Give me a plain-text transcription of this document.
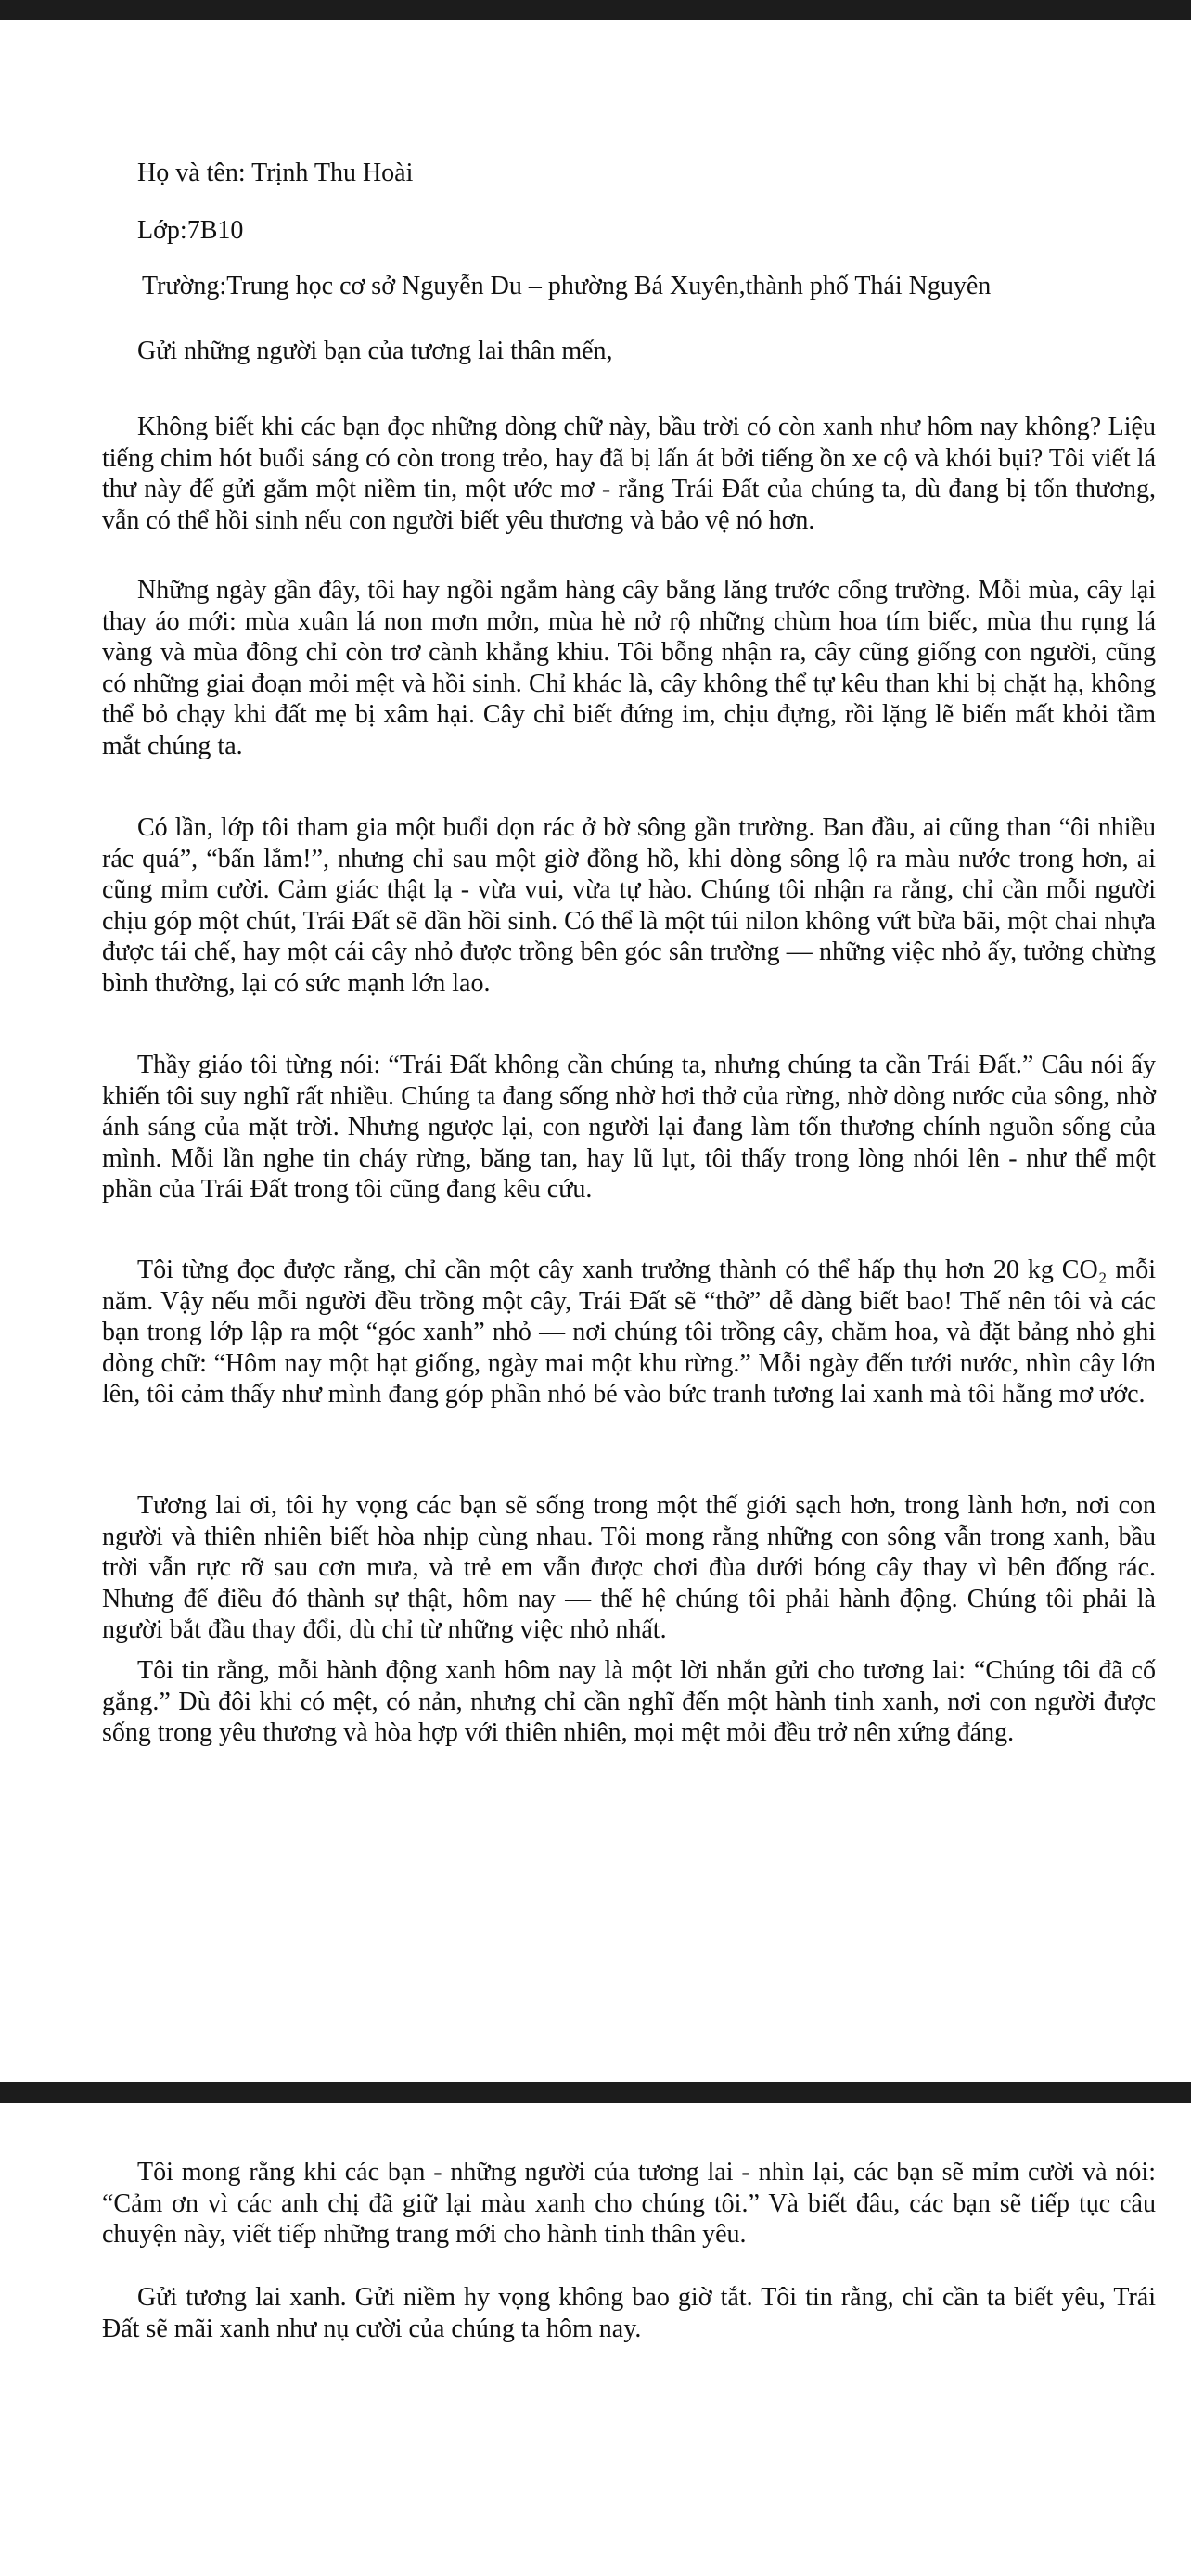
Họ và tên: Trịnh Thu Hoài
Lớp:7B10
Trường:Trung học cơ sở Nguyễn Du – phường Bá Xuyên,thành phố Thái Nguyên
Gửi những người bạn của tương lai thân mến,

Không biết khi các bạn đọc những dòng chữ này, bầu trời có còn xanh như hôm nay không? Liệu tiếng chim hót buổi sáng có còn trong trẻo, hay đã bị lấn át bởi tiếng ồn xe cộ và khói bụi? Tôi viết lá thư này để gửi gắm một niềm tin, một ước mơ - rằng Trái Đất của chúng ta, dù đang bị tổn thương, vẫn có thể hồi sinh nếu con người biết yêu thương và bảo vệ nó hơn.

Những ngày gần đây, tôi hay ngồi ngắm hàng cây bằng lăng trước cổng trường. Mỗi mùa, cây lại thay áo mới: mùa xuân lá non mơn mởn, mùa hè nở rộ những chùm hoa tím biếc, mùa thu rụng lá vàng và mùa đông chỉ còn trơ cành khẳng khiu. Tôi bỗng nhận ra, cây cũng giống con người, cũng có những giai đoạn mỏi mệt và hồi sinh. Chỉ khác là, cây không thể tự kêu than khi bị chặt hạ, không thể bỏ chạy khi đất mẹ bị xâm hại. Cây chỉ biết đứng im, chịu đựng, rồi lặng lẽ biến mất khỏi tầm mắt chúng ta.

Có lần, lớp tôi tham gia một buổi dọn rác ở bờ sông gần trường. Ban đầu, ai cũng than “ôi nhiều rác quá”, “bẩn lắm!”, nhưng chỉ sau một giờ đồng hồ, khi dòng sông lộ ra màu nước trong hơn, ai cũng mỉm cười. Cảm giác thật lạ - vừa vui, vừa tự hào. Chúng tôi nhận ra rằng, chỉ cần mỗi người chịu góp một chút, Trái Đất sẽ dần hồi sinh. Có thể là một túi nilon không vứt bừa bãi, một chai nhựa được tái chế, hay một cái cây nhỏ được trồng bên góc sân trường — những việc nhỏ ấy, tưởng chừng bình thường, lại có sức mạnh lớn lao.

Thầy giáo tôi từng nói: “Trái Đất không cần chúng ta, nhưng chúng ta cần Trái Đất.” Câu nói ấy khiến tôi suy nghĩ rất nhiều. Chúng ta đang sống nhờ hơi thở của rừng, nhờ dòng nước của sông, nhờ ánh sáng của mặt trời. Nhưng ngược lại, con người lại đang làm tổn thương chính nguồn sống của mình. Mỗi lần nghe tin cháy rừng, băng tan, hay lũ lụt, tôi thấy trong lòng nhói lên - như thể một phần của Trái Đất trong tôi cũng đang kêu cứu.

Tôi từng đọc được rằng, chỉ cần một cây xanh trưởng thành có thể hấp thụ hơn 20 kg CO₂ mỗi năm. Vậy nếu mỗi người đều trồng một cây, Trái Đất sẽ “thở” dễ dàng biết bao! Thế nên tôi và các bạn trong lớp lập ra một “góc xanh” nhỏ — nơi chúng tôi trồng cây, chăm hoa, và đặt bảng nhỏ ghi dòng chữ: “Hôm nay một hạt giống, ngày mai một khu rừng.” Mỗi ngày đến tưới nước, nhìn cây lớn lên, tôi cảm thấy như mình đang góp phần nhỏ bé vào bức tranh tương lai xanh mà tôi hằng mơ ước.

Tương lai ơi, tôi hy vọng các bạn sẽ sống trong một thế giới sạch hơn, trong lành hơn, nơi con người và thiên nhiên biết hòa nhịp cùng nhau. Tôi mong rằng những con sông vẫn trong xanh, bầu trời vẫn rực rỡ sau cơn mưa, và trẻ em vẫn được chơi đùa dưới bóng cây thay vì bên đống rác. Nhưng để điều đó thành sự thật, hôm nay — thế hệ chúng tôi phải hành động. Chúng tôi phải là người bắt đầu thay đổi, dù chỉ từ những việc nhỏ nhất.

Tôi tin rằng, mỗi hành động xanh hôm nay là một lời nhắn gửi cho tương lai: “Chúng tôi đã cố gắng.” Dù đôi khi có mệt, có nản, nhưng chỉ cần nghĩ đến một hành tinh xanh, nơi con người được sống trong yêu thương và hòa hợp với thiên nhiên, mọi mệt mỏi đều trở nên xứng đáng.

Tôi mong rằng khi các bạn - những người của tương lai - nhìn lại, các bạn sẽ mỉm cười và nói: “Cảm ơn vì các anh chị đã giữ lại màu xanh cho chúng tôi.” Và biết đâu, các bạn sẽ tiếp tục câu chuyện này, viết tiếp những trang mới cho hành tinh thân yêu.

Gửi tương lai xanh. Gửi niềm hy vọng không bao giờ tắt. Tôi tin rằng, chỉ cần ta biết yêu, Trái Đất sẽ mãi xanh như nụ cười của chúng ta hôm nay.
